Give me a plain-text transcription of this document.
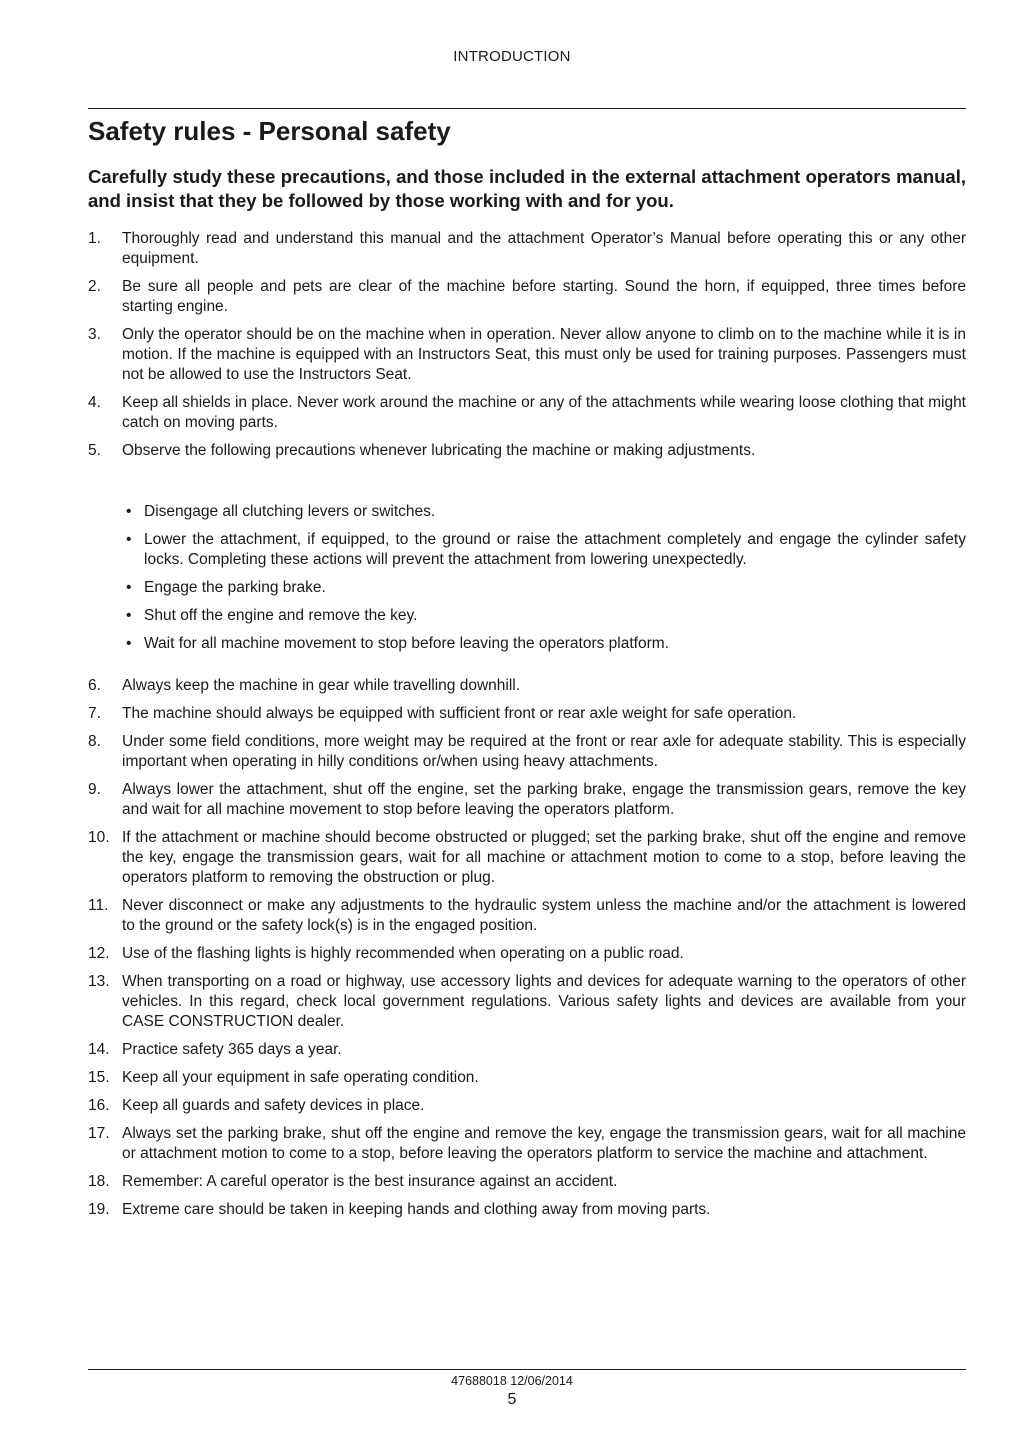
INTRODUCTION
Safety rules - Personal safety

Carefully study these precautions, and those included in the external attachment operators manual, and insist that they be followed by those working with and for you.

1.	Thoroughly read and understand this manual and the attachment Operator’s Manual before operating this or any other equipment.
2.	Be sure all people and pets are clear of the machine before starting. Sound the horn, if equipped, three times before starting engine.
3.	Only the operator should be on the machine when in operation. Never allow anyone to climb on to the machine while it is in motion. If the machine is equipped with an Instructors Seat, this must only be used for training purposes. Passengers must not be allowed to use the Instructors Seat.
4.	Keep all shields in place. Never work around the machine or any of the attachments while wearing loose clothing that might catch on moving parts.
5.	Observe the following precautions whenever lubricating the machine or making adjustments.
• Disengage all clutching levers or switches.
• Lower the attachment, if equipped, to the ground or raise the attachment completely and engage the cylinder safety locks. Completing these actions will prevent the attachment from lowering unexpectedly.
• Engage the parking brake.
• Shut off the engine and remove the key.
• Wait for all machine movement to stop before leaving the operators platform.
6.	Always keep the machine in gear while travelling downhill.
7.	The machine should always be equipped with sufficient front or rear axle weight for safe operation.
8.	Under some field conditions, more weight may be required at the front or rear axle for adequate stability. This is especially important when operating in hilly conditions or/when using heavy attachments.
9.	Always lower the attachment, shut off the engine, set the parking brake, engage the transmission gears, remove the key and wait for all machine movement to stop before leaving the operators platform.
10. If the attachment or machine should become obstructed or plugged; set the parking brake, shut off the engine and remove the key, engage the transmission gears, wait for all machine or attachment motion to come to a stop, before leaving the operators platform to removing the obstruction or plug.
11. Never disconnect or make any adjustments to the hydraulic system unless the machine and/or the attachment is lowered to the ground or the safety lock(s) is in the engaged position.
12. Use of the flashing lights is highly recommended when operating on a public road.
13. When transporting on a road or highway, use accessory lights and devices for adequate warning to the operators of other vehicles. In this regard, check local government regulations. Various safety lights and devices are available from your CASE CONSTRUCTION dealer.
14. Practice safety 365 days a year.
15. Keep all your equipment in safe operating condition.
16. Keep all guards and safety devices in place.
17. Always set the parking brake, shut off the engine and remove the key, engage the transmission gears, wait for all machine or attachment motion to come to a stop, before leaving the operators platform to service the machine and attachment.
18. Remember: A careful operator is the best insurance against an accident.
19. Extreme care should be taken in keeping hands and clothing away from moving parts.
47688018 12/06/2014
5
